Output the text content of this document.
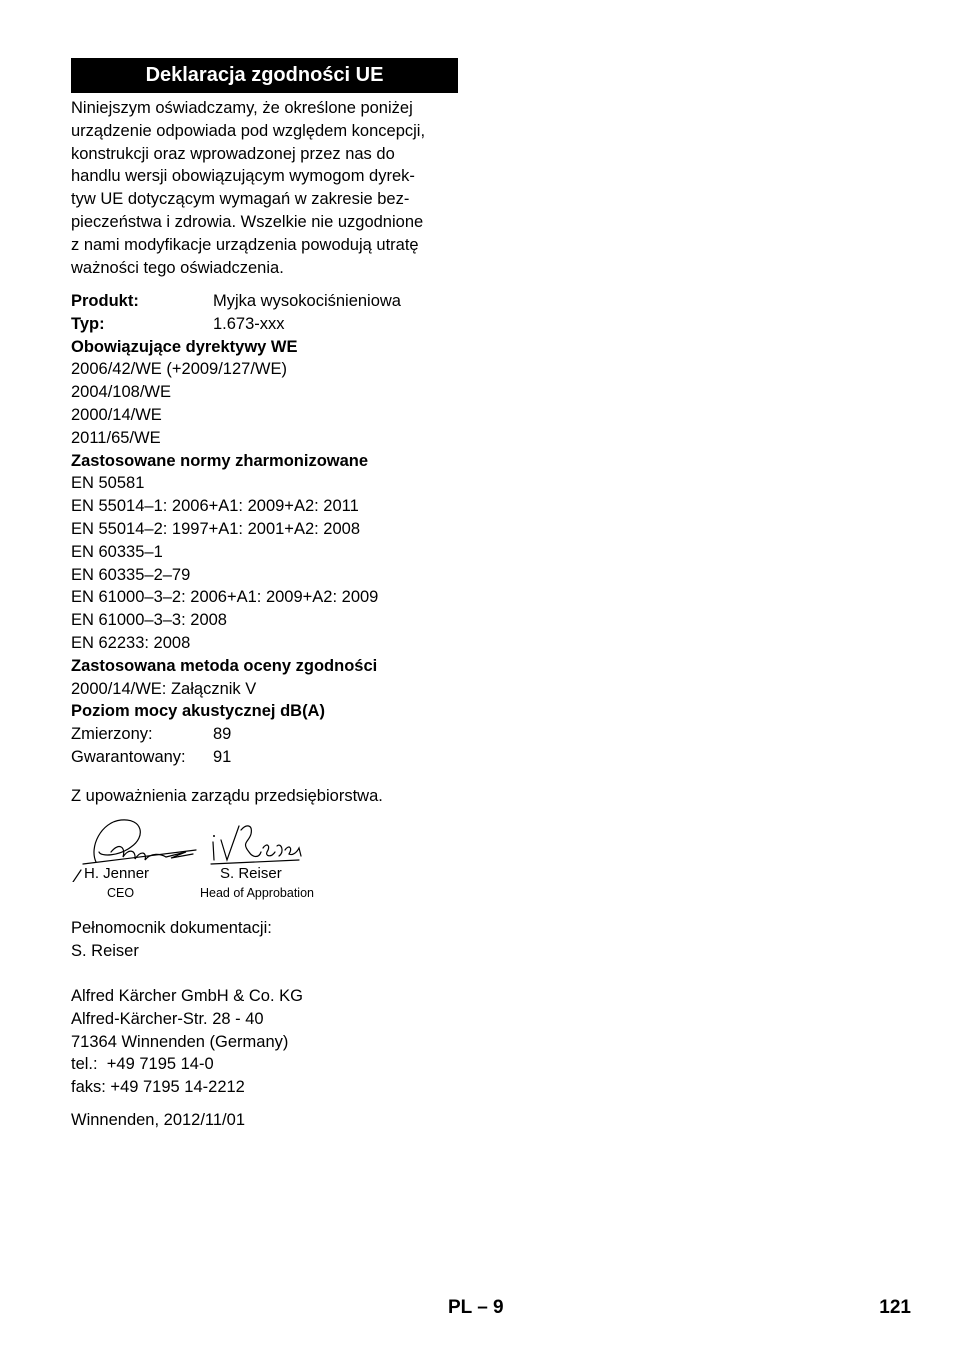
Deklaracja zgodności UE

Niniejszym oświadczamy, że określone poniżej
urządzenie odpowiada pod względem koncepcji,
konstrukcji oraz wprowadzonej przez nas do
handlu wersji obowiązującym wymogom dyrek-
tyw UE dotyczącym wymagań w zakresie bez-
pieczeństwa i zdrowia. Wszelkie nie uzgodnione
z nami modyfikacje urządzenia powodują utratę
ważności tego oświadczenia.

Produkt:	Myjka wysokociśnieniowa
Typ:	1.673-xxx
Obowiązujące dyrektywy WE
2006/42/WE (+2009/127/WE)
2004/108/WE
2000/14/WE
2011/65/WE
Zastosowane normy zharmonizowane
EN 50581
EN 55014–1: 2006+A1: 2009+A2: 2011
EN 55014–2: 1997+A1: 2001+A2: 2008
EN 60335–1
EN 60335–2–79
EN 61000–3–2: 2006+A1: 2009+A2: 2009
EN 61000–3–3: 2008
EN 62233: 2008
Zastosowana metoda oceny zgodności
2000/14/WE: Załącznik V
Poziom mocy akustycznej dB(A)
Zmierzony:	89
Gwarantowany:	91
Z upoważnienia zarządu przedsiębiorstwa.
H. Jenner
CEO
S. Reiser
Head of Approbation
Pełnomocnik dokumentacji:
S. Reiser
Alfred Kärcher GmbH & Co. KG
Alfred-Kärcher-Str. 28 - 40
71364 Winnenden (Germany)
tel.:  +49 7195 14-0
faks: +49 7195 14-2212
Winnenden, 2012/11/01
PL – 9	121
